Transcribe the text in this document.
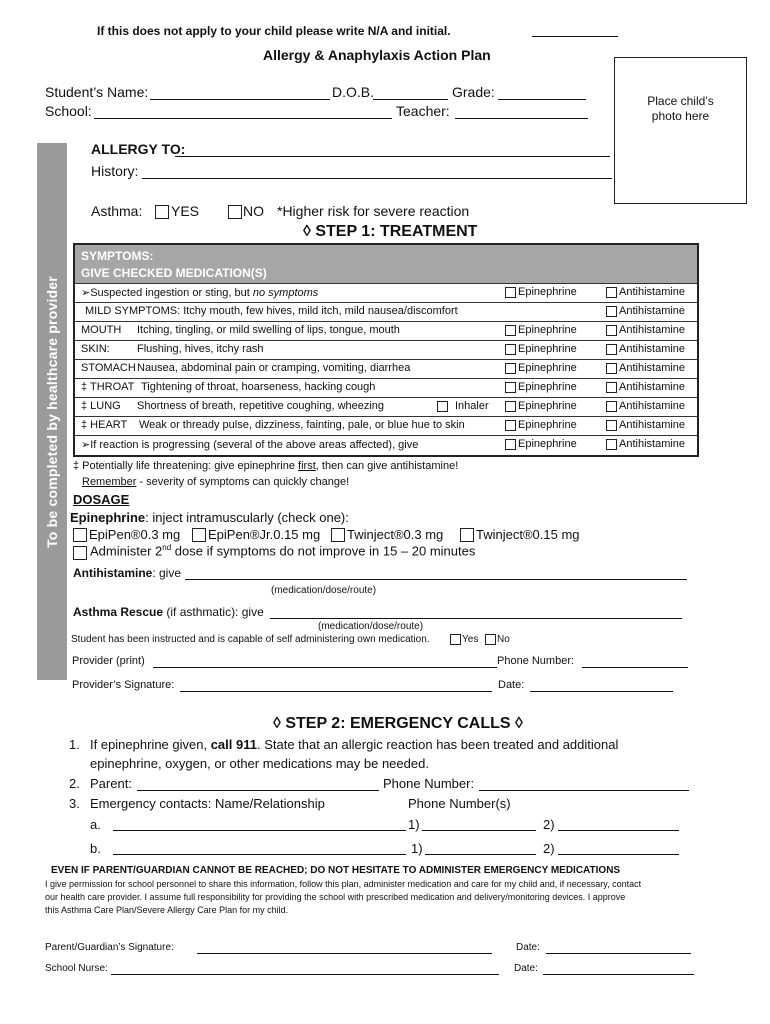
If this does not apply to your child please write N/A and initial.
Allergy & Anaphylaxis Action Plan
Place child’s
photo here
Student’s Name:	D.O.B.	Grade:
School:	Teacher:
To be completed by healthcare provider
ALLERGY TO:
History:
Asthma: YES	NO *Higher risk for severe reaction
◊ STEP 1: TREATMENT
SYMPTOMS:
GIVE CHECKED MEDICATION(S)
➢Suspected ingestion or sting, but no symptoms	Epinephrine	Antihistamine
MILD SYMPTOMS: Itchy mouth, few hives, mild itch, mild nausea/discomfort	Antihistamine
MOUTH Itching, tingling, or mild swelling of lips, tongue, mouth	Epinephrine	Antihistamine
SKIN: Flushing, hives, itchy rash	Epinephrine	Antihistamine
STOMACH Nausea, abdominal pain or cramping, vomiting, diarrhea	Epinephrine	Antihistamine
‡ THROAT Tightening of throat, hoarseness, hacking cough	Epinephrine	Antihistamine
‡ LUNG Shortness of breath, repetitive coughing, wheezing	Inhaler	Epinephrine	Antihistamine
‡ HEART Weak or thready pulse, dizziness, fainting, pale, or blue hue to skin	Epinephrine	Antihistamine
➢If reaction is progressing (several of the above areas affected), give	Epinephrine	Antihistamine
‡ Potentially life threatening: give epinephrine first, then can give antihistamine!
Remember - severity of symptoms can quickly change!
DOSAGE
Epinephrine: inject intramuscularly (check one):
EpiPen®0.3 mg EpiPen®Jr.0.15 mg Twinject®0.3 mg	Twinject®0.15 mg
Administer 2nd dose if symptoms do not improve in 15 – 20 minutes
Antihistamine: give
(medication/dose/route)
Asthma Rescue (if asthmatic): give
(medication/dose/route)
Student has been instructed and is capable of self administering own medication.	Yes No
Provider (print)	Phone Number:
Provider’s Signature:	Date:
◊ STEP 2: EMERGENCY CALLS ◊
1. If epinephrine given, call 911. State that an allergic reaction has been treated and additional
epinephrine, oxygen, or other medications may be needed.
2. Parent:	Phone Number:
3. Emergency contacts: Name/Relationship	Phone Number(s)
a.	1)	2)
b.	1)	2)
EVEN IF PARENT/GUARDIAN CANNOT BE REACHED; DO NOT HESITATE TO ADMINISTER EMERGENCY MEDICATIONS
I give permission for school personnel to share this information, follow this plan, administer medication and care for my child and, if necessary, contact
our health care provider. I assume full responsibility for providing the school with prescribed medication and delivery/monitoring devices. I approve
this Asthma Care Plan/Severe Allergy Care Plan for my child.
Parent/Guardian’s Signature:	Date:
School Nurse:	Date:
